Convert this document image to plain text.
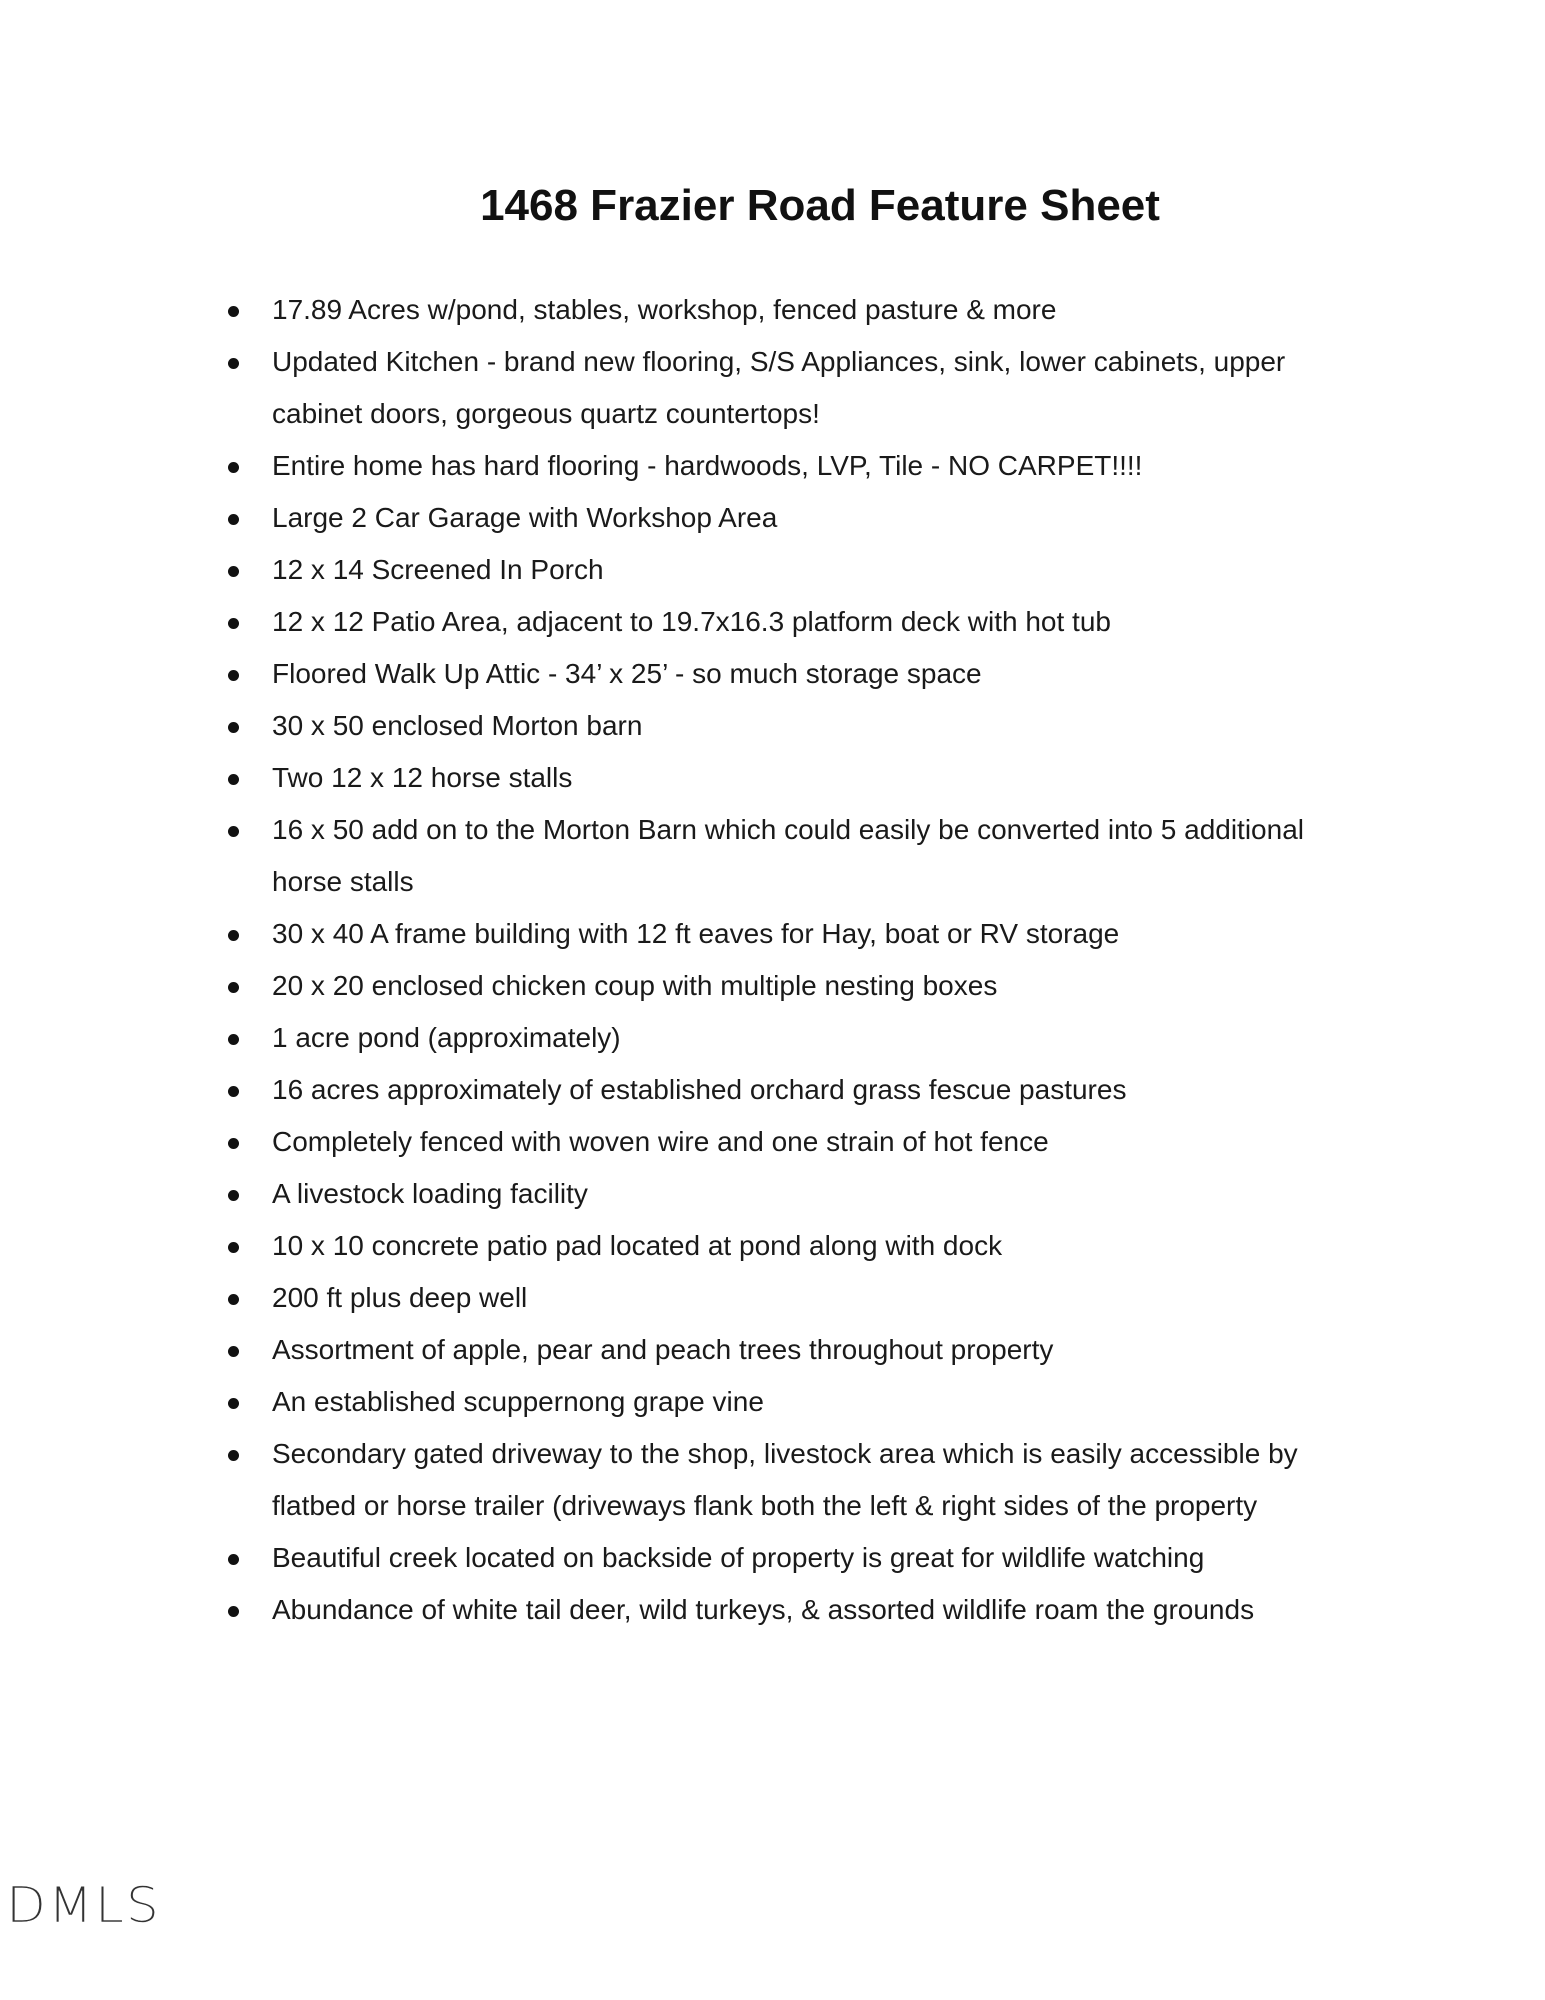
1468 Frazier Road Feature Sheet
17.89 Acres w/pond, stables, workshop, fenced pasture & more
Updated Kitchen - brand new flooring, S/S Appliances, sink, lower cabinets, upper cabinet doors, gorgeous quartz countertops!
Entire home has hard flooring - hardwoods, LVP, Tile - NO CARPET!!!!
Large 2 Car Garage with Workshop Area
12 x 14 Screened In Porch
12 x 12 Patio Area, adjacent to 19.7x16.3 platform deck with hot tub
Floored Walk Up Attic - 34’ x 25’ - so much storage space
30 x 50 enclosed Morton barn
Two 12 x 12 horse stalls
16 x 50 add on to the Morton Barn which could easily be converted into 5 additional horse stalls
30 x 40 A frame building with 12 ft eaves for Hay, boat or RV storage
20 x 20 enclosed chicken coup with multiple nesting boxes
1 acre pond (approximately)
16 acres approximately of established orchard grass fescue pastures
Completely fenced with woven wire and one strain of hot fence
A livestock loading facility
10 x 10 concrete patio pad located at pond along with dock
200 ft plus deep well
Assortment of apple, pear and peach trees throughout property
An established scuppernong grape vine
Secondary gated driveway to the shop, livestock area which is easily accessible by flatbed or horse trailer (driveways flank both the left & right sides of the property
Beautiful creek located on backside of property is great for wildlife watching
Abundance of white tail deer, wild turkeys, & assorted wildlife roam the grounds
DMLS
